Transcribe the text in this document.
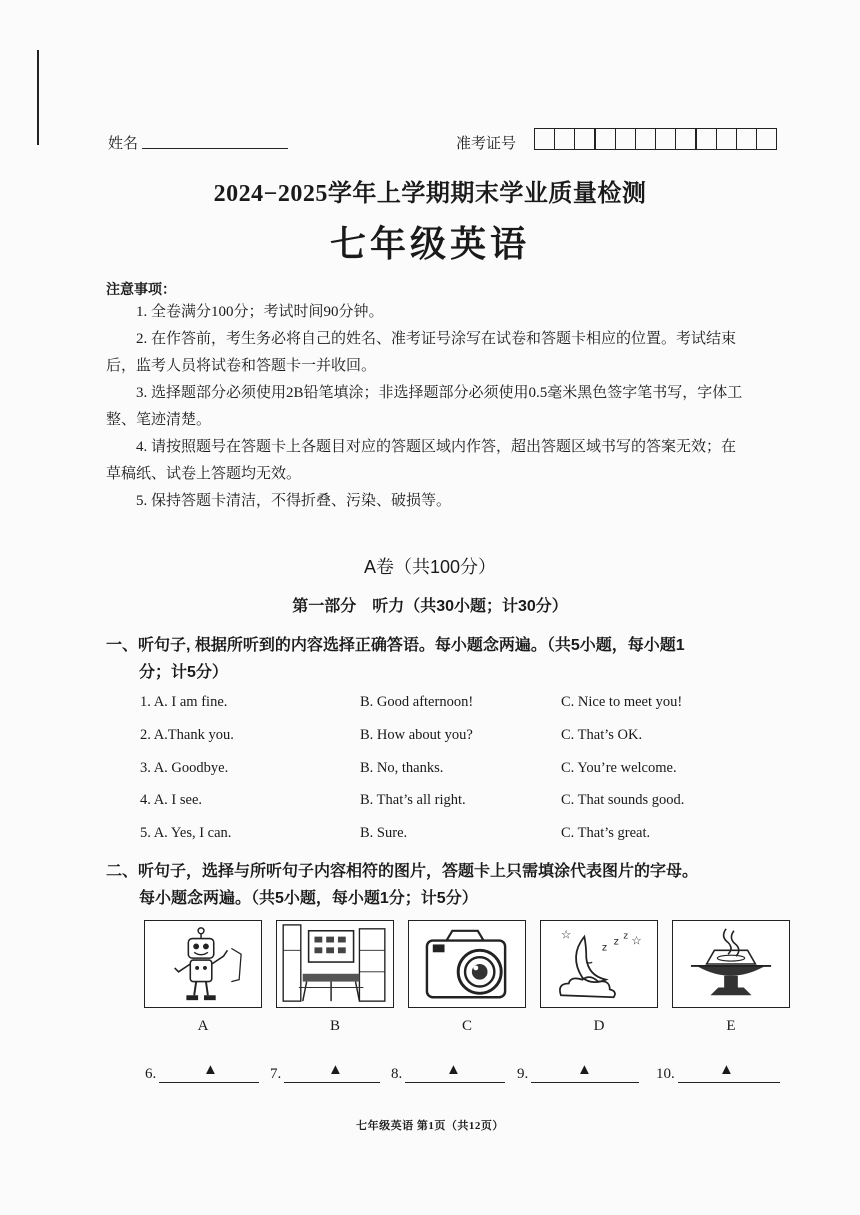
姓名	准考证号
2024−2025学年上学期期末学业质量检测
七年级英语
注意事项：
1. 全卷满分100分；考试时间90分钟。
2. 在作答前，考生务必将自己的姓名、准考证号涂写在试卷和答题卡相应的位置。考试结束
后，监考人员将试卷和答题卡一并收回。
3. 选择题部分必须使用2B铅笔填涂；非选择题部分必须使用0.5毫米黑色签字笔书写，字体工
整、笔迹清楚。
4. 请按照题号在答题卡上各题目对应的答题区域内作答，超出答题区域书写的答案无效；在
草稿纸、试卷上答题均无效。
5. 保持答题卡清洁，不得折叠、污染、破损等。
A卷（共100分）
第一部分　听力（共30小题；计30分）
一、听句子, 根据所听到的内容选择正确答语。每小题念两遍。（共5小题，每小题1
分；计5分）
1. A. I am fine.	B. Good afternoon!	C. Nice to meet you!
2. A.Thank you.	B. How about you?	C. That’s OK.
3. A. Goodbye.	B. No, thanks.	C. You’re welcome.
4. A. I see.	B. That’s all right.	C. That sounds good.
5. A. Yes, I can.	B. Sure.	C. That’s great.
二、听句子，选择与所听句子内容相符的图片，答题卡上只需填涂代表图片的字母。
每小题念两遍。（共5小题，每小题1分；计5分）
☆	☆
z
z z
A	B	C	D	E
6.	▲	7.	▲	8.	▲	9.	▲	10.	▲
七年级英语 第1页（共12页）
